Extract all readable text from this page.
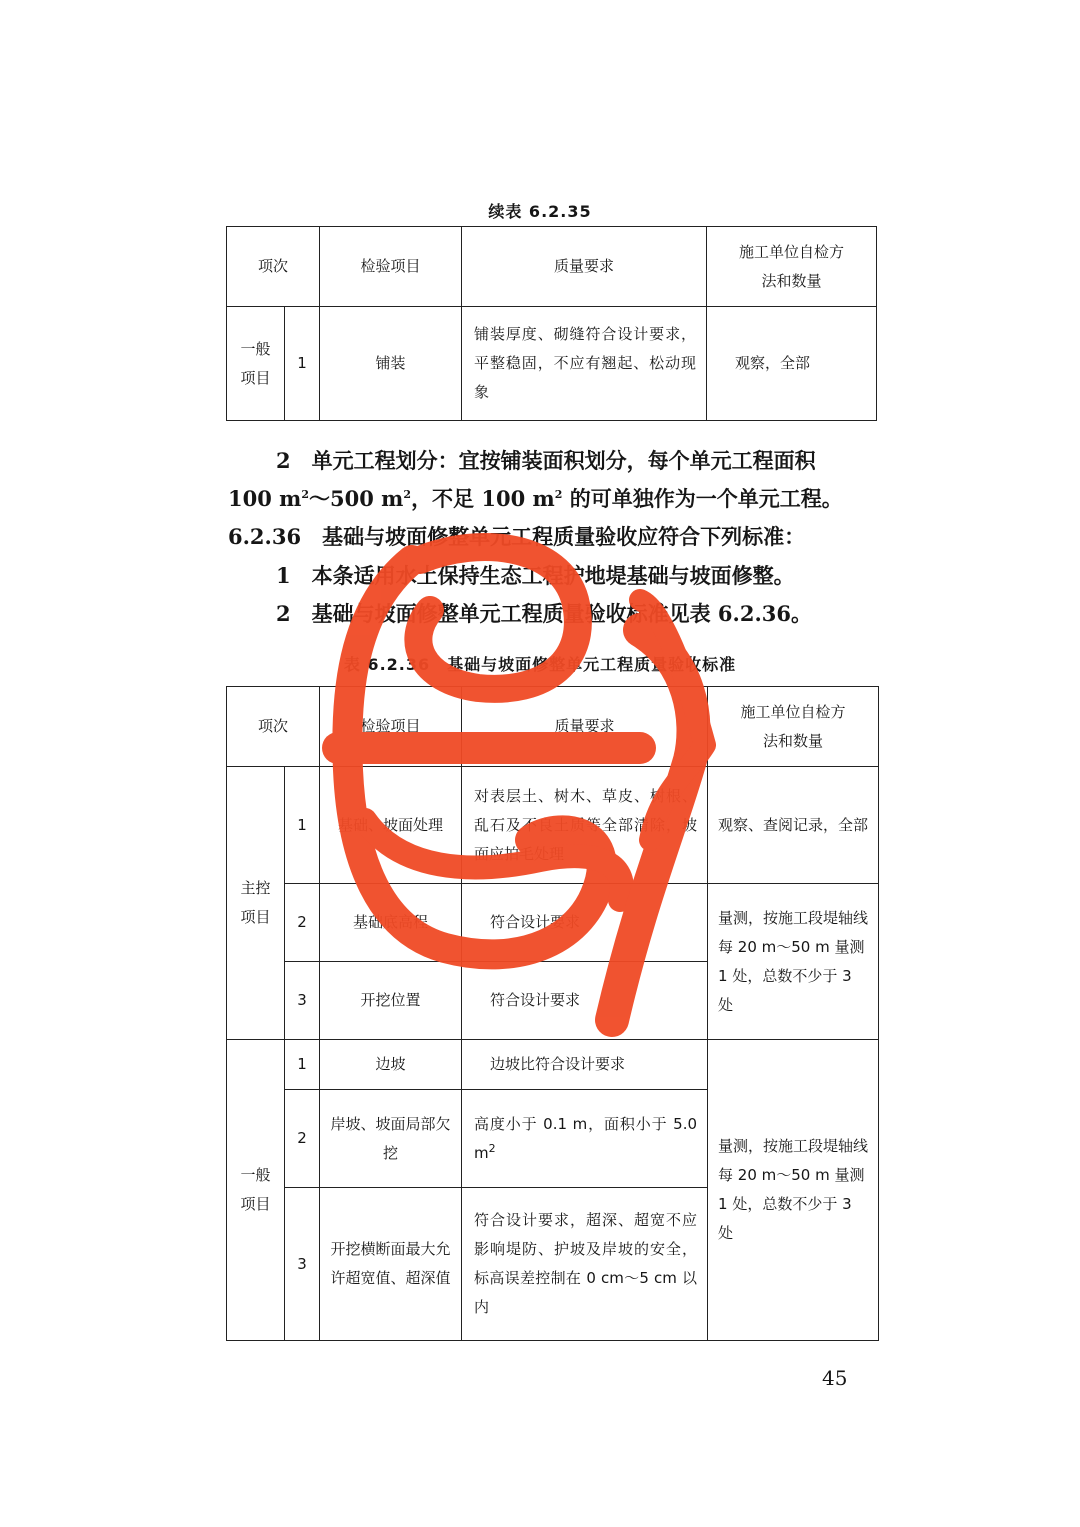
续表 6.2.35
项次		检验项目	质量要求	施工单位自检方法和数量
一般项目	1	铺装	铺装厚度、砌缝符合设计要求，平整稳固，不应有翘起、松动现象	观察，全部
2　单元工程划分：宜按铺装面积划分，每个单元工程面积
100 $m^2\sim 500$ $m^2$，不足 100 $m^2$ 的可单独作为一个单元工程。
6.2.36　基础与坡面修整单元工程质量验收应符合下列标准：
1　本条适用水土保持生态工程护地堤基础与坡面修整。
2　基础与坡面修整单元工程质量验收标准见表 6.2.36。
表 6.2.36　基础与坡面修整单元工程质量验收标准
项次		检验项目	质量要求	施工单位自检方法和数量
主控项目	1	基础、坡面处理	对表层土、树木、草皮、树根、乱石及不良土质等全部清除，坡面应拍毛处理	观察、查阅记录，全部
	2	基础底高程	符合设计要求	量测，按施工段堤轴线每 20 m～50 m 量测 1 处，总数不少于 3 处
	3	开挖位置	符合设计要求	
一般项目	1	边坡	边坡比符合设计要求	量测，按施工段堤轴线每 20 m～50 m 量测 1 处，总数不少于 3 处
	2	岸坡、坡面局部欠挖	高度小于 0.1 m，面积小于 5.0 $m^2$
	3	开挖横断面最大允许超宽值、超深值	符合设计要求，超深、超宽不应影响堤防、护坡及岸坡的安全，标高误差控制在 0 cm～5 cm 以内	
45
